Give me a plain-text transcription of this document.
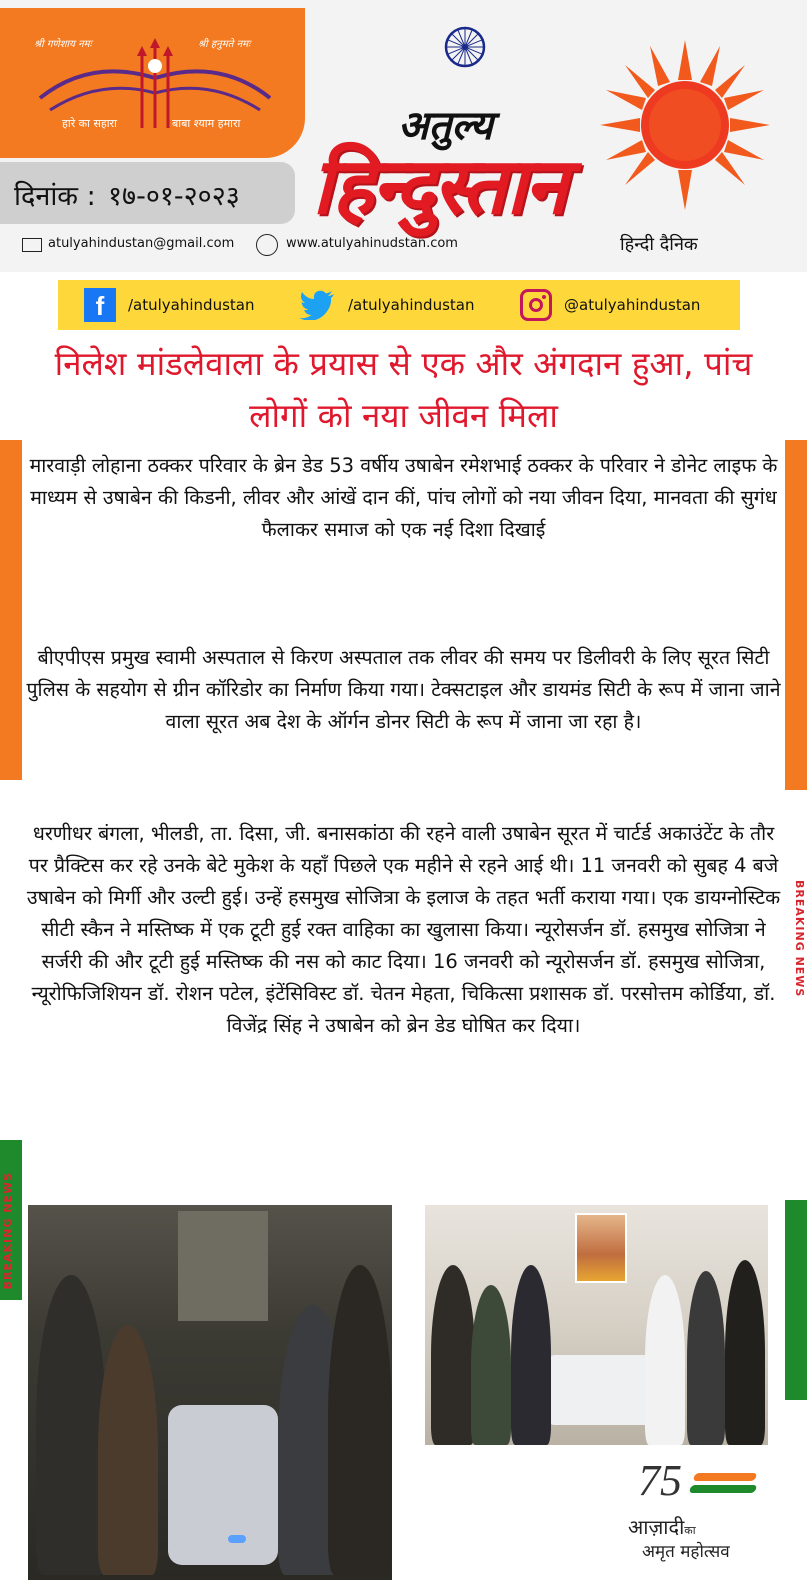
BREAKING NEWS
BREAKING NEWS
श्री गणेशाय नमः	श्री हनुमते नमः
हारे का सहारा	बाबा श्याम हमारा	अतुल्य
हिन्दुस्तान
दिनांक : १७-०१-२०२३
atulyahindustan@gmail.com	www.atulyahinudstan.com	हिन्दी दैनिक
f	/atulyahindustan	/atulyahindustan	@atulyahindustan
निलेश मांडलेवाला के प्रयास से एक और अंगदान हुआ, पांच लोगों को नया जीवन मिला
मारवाड़ी लोहाना ठक्कर परिवार के ब्रेन डेड 53 वर्षीय उषाबेन रमेशभाई ठक्कर के परिवार ने डोनेट लाइफ के माध्यम से उषाबेन की किडनी, लीवर और आंखें दान कीं, पांच लोगों को नया जीवन दिया, मानवता की सुगंध फैलाकर समाज को एक नई दिशा दिखाई
बीएपीएस प्रमुख स्वामी अस्पताल से किरण अस्पताल तक लीवर की समय पर डिलीवरी के लिए सूरत सिटी पुलिस के सहयोग से ग्रीन कॉरिडोर का निर्माण किया गया। टेक्सटाइल और डायमंड सिटी के रूप में जाना जाने वाला सूरत अब देश के ऑर्गन डोनर सिटी के रूप में जाना जा रहा है।
धरणीधर बंगला, भीलडी, ता. दिसा, जी. बनासकांठा की रहने वाली उषाबेन सूरत में चार्टर्ड अकाउंटेंट के तौर पर प्रैक्टिस कर रहे उनके बेटे मुकेश के यहाँ पिछले एक महीने से रहने आई थी। 11 जनवरी को सुबह 4 बजे उषाबेन को मिर्गी और उल्टी हुई। उन्हें हसमुख सोजित्रा के इलाज के तहत भर्ती कराया गया। एक डायग्नोस्टिक सीटी स्कैन ने मस्तिष्क में एक टूटी हुई रक्त वाहिका का खुलासा किया। न्यूरोसर्जन डॉ. हसमुख सोजित्रा ने सर्जरी की और टूटी हुई मस्तिष्क की नस को काट दिया। 16 जनवरी को न्यूरोसर्जन डॉ. हसमुख सोजित्रा, न्यूरोफिजिशियन डॉ. रोशन पटेल, इंटेंसिविस्ट डॉ. चेतन मेहता, चिकित्सा प्रशासक डॉ. परसोत्तम कोर्डिया, डॉ. विजेंद्र सिंह ने उषाबेन को ब्रेन डेड घोषित कर दिया।
75
आज़ादीका
अमृत महोत्सव
